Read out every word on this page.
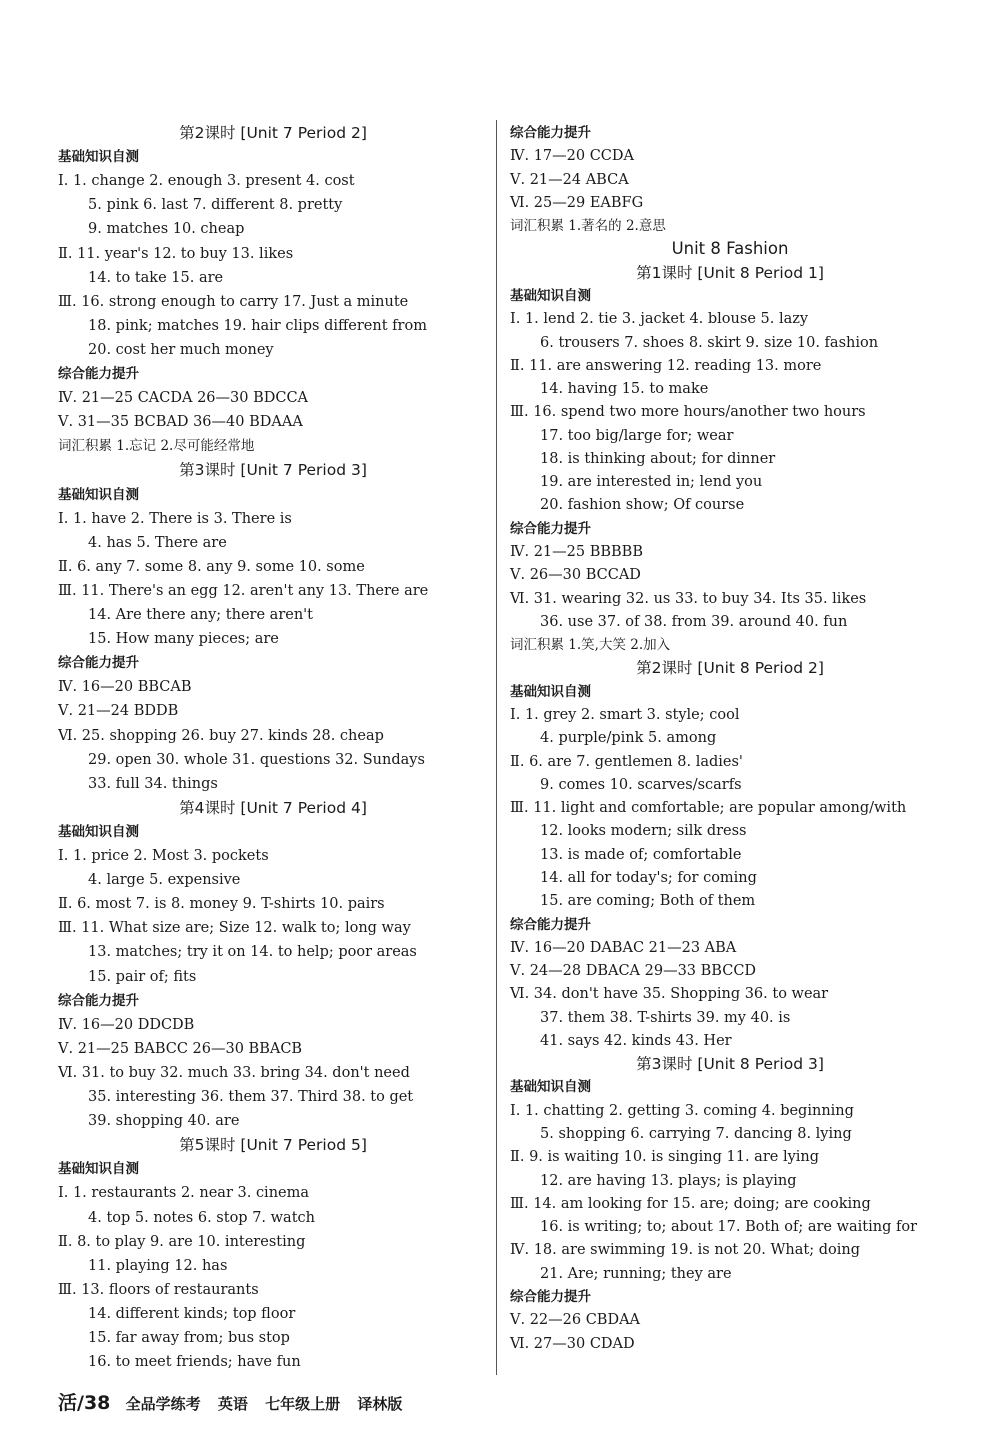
第2课时 [Unit 7 Period 2]
基础知识自测
Ⅰ. 1. change 2. enough 3. present 4. cost
5. pink 6. last 7. different 8. pretty
9. matches 10. cheap
Ⅱ. 11. year's 12. to buy 13. likes
14. to take 15. are
Ⅲ. 16. strong enough to carry 17. Just a minute
18. pink; matches 19. hair clips different from
20. cost her much money
综合能力提升
Ⅳ. 21—25 CACDA 26—30 BDCCA
Ⅴ. 31—35 BCBAD 36—40 BDAAA
词汇积累 1.忘记 2.尽可能经常地
第3课时 [Unit 7 Period 3]
基础知识自测
Ⅰ. 1. have 2. There is 3. There is
4. has 5. There are
Ⅱ. 6. any 7. some 8. any 9. some 10. some
Ⅲ. 11. There's an egg 12. aren't any 13. There are
14. Are there any; there aren't
15. How many pieces; are
综合能力提升
Ⅳ. 16—20 BBCAB
Ⅴ. 21—24 BDDB
Ⅵ. 25. shopping 26. buy 27. kinds 28. cheap
29. open 30. whole 31. questions 32. Sundays
33. full 34. things
第4课时 [Unit 7 Period 4]
基础知识自测
Ⅰ. 1. price 2. Most 3. pockets
4. large 5. expensive
Ⅱ. 6. most 7. is 8. money 9. T-shirts 10. pairs
Ⅲ. 11. What size are; Size 12. walk to; long way
13. matches; try it on 14. to help; poor areas
15. pair of; fits
综合能力提升
Ⅳ. 16—20 DDCDB
Ⅴ. 21—25 BABCC 26—30 BBACB
Ⅵ. 31. to buy 32. much 33. bring 34. don't need
35. interesting 36. them 37. Third 38. to get
39. shopping 40. are
第5课时 [Unit 7 Period 5]
基础知识自测
Ⅰ. 1. restaurants 2. near 3. cinema
4. top 5. notes 6. stop 7. watch
Ⅱ. 8. to play 9. are 10. interesting
11. playing 12. has
Ⅲ. 13. floors of restaurants
14. different kinds; top floor
15. far away from; bus stop
16. to meet friends; have fun
综合能力提升
Ⅳ. 17—20 CCDA
Ⅴ. 21—24 ABCA
Ⅵ. 25—29 EABFG
词汇积累 1.著名的 2.意思
Unit 8 Fashion
第1课时 [Unit 8 Period 1]
基础知识自测
Ⅰ. 1. lend 2. tie 3. jacket 4. blouse 5. lazy
6. trousers 7. shoes 8. skirt 9. size 10. fashion
Ⅱ. 11. are answering 12. reading 13. more
14. having 15. to make
Ⅲ. 16. spend two more hours/another two hours
17. too big/large for; wear
18. is thinking about; for dinner
19. are interested in; lend you
20. fashion show; Of course
综合能力提升
Ⅳ. 21—25 BBBBB
Ⅴ. 26—30 BCCAD
Ⅵ. 31. wearing 32. us 33. to buy 34. Its 35. likes
36. use 37. of 38. from 39. around 40. fun
词汇积累 1.笑,大笑 2.加入
第2课时 [Unit 8 Period 2]
基础知识自测
Ⅰ. 1. grey 2. smart 3. style; cool
4. purple/pink 5. among
Ⅱ. 6. are 7. gentlemen 8. ladies'
9. comes 10. scarves/scarfs
Ⅲ. 11. light and comfortable; are popular among/with
12. looks modern; silk dress
13. is made of; comfortable
14. all for today's; for coming
15. are coming; Both of them
综合能力提升
Ⅳ. 16—20 DABAC 21—23 ABA
Ⅴ. 24—28 DBACA 29—33 BBCCD
Ⅵ. 34. don't have 35. Shopping 36. to wear
37. them 38. T-shirts 39. my 40. is
41. says 42. kinds 43. Her
第3课时 [Unit 8 Period 3]
基础知识自测
Ⅰ. 1. chatting 2. getting 3. coming 4. beginning
5. shopping 6. carrying 7. dancing 8. lying
Ⅱ. 9. is waiting 10. is singing 11. are lying
12. are having 13. plays; is playing
Ⅲ. 14. am looking for 15. are; doing; are cooking
16. is writing; to; about 17. Both of; are waiting for
Ⅳ. 18. are swimming 19. is not 20. What; doing
21. Are; running; they are
综合能力提升
Ⅴ. 22—26 CBDAA
Ⅵ. 27—30 CDAD
活/38 全品学练考 英语 七年级上册 译林版
